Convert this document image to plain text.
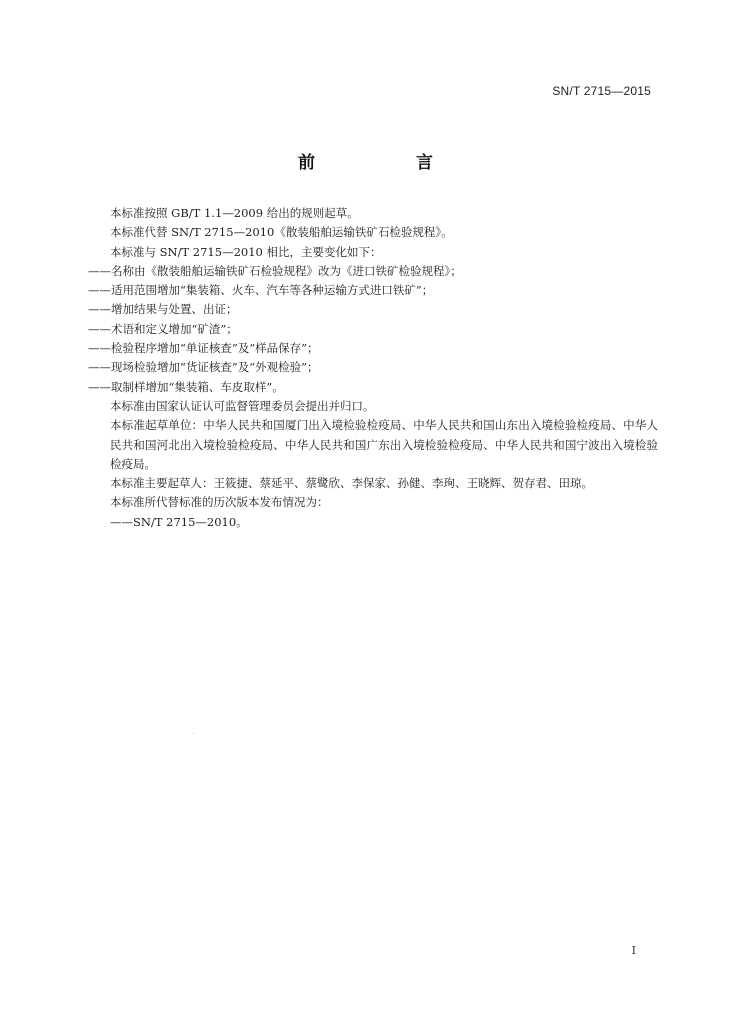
SN/T 2715—2015
前　言

本标准按照 GB/T 1.1—2009 给出的规则起草。

本标准代替 SN/T 2715—2010《散装船舶运输铁矿石检验规程》。

本标准与 SN/T 2715—2010 相比，主要变化如下：

——名称由《散装船舶运输铁矿石检验规程》改为《进口铁矿检验规程》；

——适用范围增加“集装箱、火车、汽车等各种运输方式进口铁矿”；

——增加结果与处置、出证；

——术语和定义增加“矿渣”；

——检验程序增加“单证核查”及“样品保存”；

——现场检验增加“货证核查”及“外观检验”；

——取制样增加“集装箱、车皮取样”。

本标准由国家认证认可监督管理委员会提出并归口。

本标准起草单位：中华人民共和国厦门出入境检验检疫局、中华人民共和国山东出入境检验检疫局、中华人民共和国河北出入境检验检疫局、中华人民共和国广东出入境检验检疫局、中华人民共和国宁波出入境检验检疫局。

本标准主要起草人：王筱捷、蔡延平、蔡鹭欣、李保家、孙健、李珣、王晓辉、贺存君、田琼。

本标准所代替标准的历次版本发布情况为：

——SN/T 2715—2010。

I
